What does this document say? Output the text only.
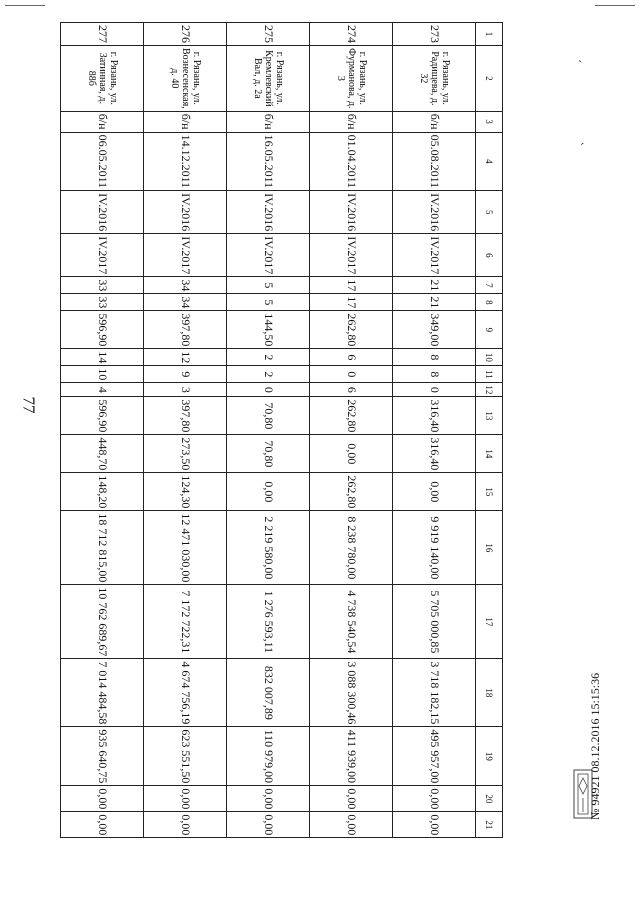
ˏ
ˊ
77
№ 94921 08.12.2016 15:15:36
1	2	3	4	5	6	7	8	9	10	11	12	13	14	15	16	17	18	19	20	21
273	г. Рязань, ул. Радищева, д. 32	б/н	05.08.2011	IV.2016	IV.2017	21	21	349,00	8	8	0	316,40	316,40	0,00	9 919 140,00	5 705 000,85	3 718 182,15	495 957,00	0,00	0,00
274	г. Рязань, ул. Фурманова, д. 3	б/н	01.04.2011	IV.2016	IV.2017	17	17	262,80	6	0	6	262,80	0,00	262,80	8 238 780,00	4 738 540,54	3 088 300,46	411 939,00	0,00	0,00
275	г. Рязань, ул. Кремлевский Вал, д. 2а	б/н	16.05.2011	IV.2016	IV.2017	5	5	144,50	2	2	0	70,80	70,80	0,00	2 219 580,00	1 276 593,11	832 007,89	110 979,00	0,00	0,00
276	г. Рязань, ул. Вознесенская, д. 40	б/н	14.12.2011	IV.2016	IV.2017	34	34	397,80	12	9	3	397,80	273,50	124,30	12 471 030,00	7 172 722,31	4 674 756,19	623 551,50	0,00	0,00
277	г. Рязань, ул. Затинная, д. 88б	б/н	06.05.2011	IV.2016	IV.2017	33	33	596,90	14	10	4	596,90	448,70	148,20	18 712 815,00	10 762 689,67	7 014 484,58	935 640,75	0,00	0,00
